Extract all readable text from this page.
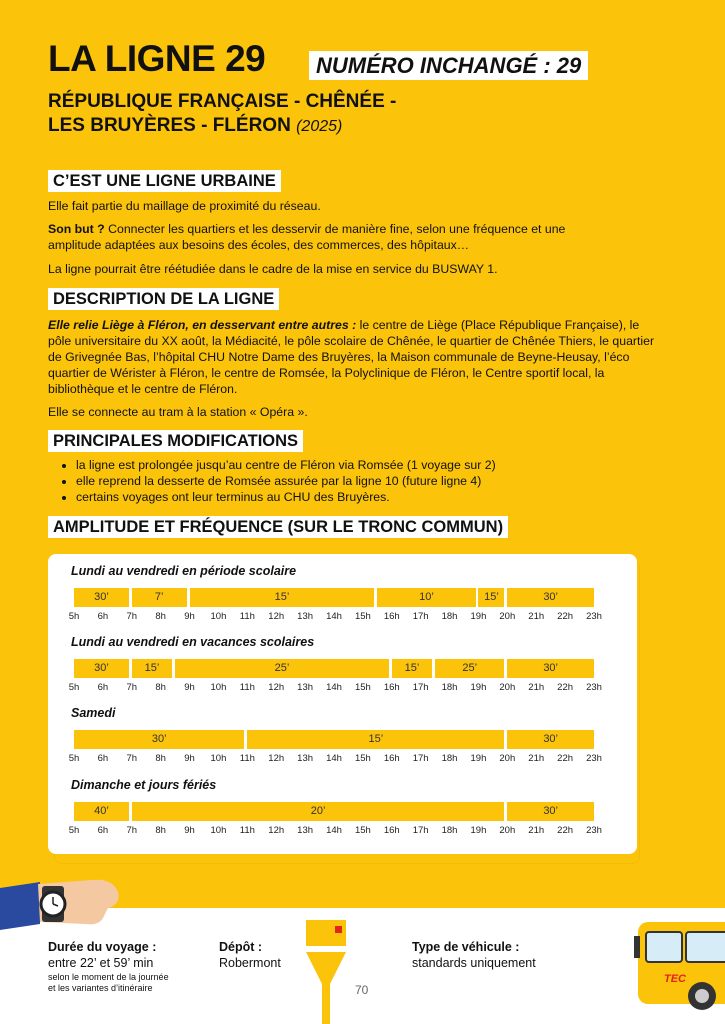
LA LIGNE 29	NUMÉRO INCHANGÉ : 29
RÉPUBLIQUE FRANÇAISE - CHÊNÉE -
LES BRUYÈRES - FLÉRON (2025)
C’EST UNE LIGNE URBAINE
Elle fait partie du maillage de proximité du réseau.
Son but ? Connecter les quartiers et les desservir de manière fine, selon une fréquence et une amplitude adaptées aux besoins des écoles, des commerces, des hôpitaux…
La ligne pourrait être réétudiée dans le cadre de la mise en service du BUSWAY 1.
DESCRIPTION DE LA LIGNE
Elle relie Liège à Fléron, en desservant entre autres : le centre de Liège (Place République Française), le pôle universitaire du XX août, la Médiacité, le pôle scolaire de Chênée, le quartier de Chênée Thiers, le quartier de Grivegnée Bas, l’hôpital CHU Notre Dame des Bruyères, la Maison communale de Beyne-Heusay, l’éco quartier de Wérister à Fléron, le centre de Romsée, la Polyclinique de Fléron, le Centre sportif local, la bibliothèque et le centre de Fléron.
Elle se connecte au tram à la station « Opéra ».
PRINCIPALES MODIFICATIONS
• la ligne est prolongée jusqu’au centre de Fléron via Romsée (1 voyage sur 2)
• elle reprend la desserte de Romsée assurée par la ligne 10 (future ligne 4)
• certains voyages ont leur terminus au CHU des Bruyères.
AMPLITUDE ET FRÉQUENCE (SUR LE TRONC COMMUN)
Lundi au vendredi en période scolaire
30’	7’	15’	10’	15’	30’
5h 6h 7h 8h 9h 10h 11h 12h 13h 14h 15h 16h 17h 18h 19h 20h 21h 22h 23h
Lundi au vendredi en vacances scolaires
30’	15’	25’	15’	25’	30’
5h 6h 7h 8h 9h 10h 11h 12h 13h 14h 15h 16h 17h 18h 19h 20h 21h 22h 23h
Samedi
30’	15’	30’
5h 6h 7h 8h 9h 10h 11h 12h 13h 14h 15h 16h 17h 18h 19h 20h 21h 22h 23h
Dimanche et jours fériés
40’	20’	30’
5h 6h 7h 8h 9h 10h 11h 12h 13h 14h 15h 16h 17h 18h 19h 20h 21h 22h 23h
Durée du voyage :
entre 22’ et 59’ min
selon le moment de la journée
et les variantes d’itinéraire
Dépôt :
Robermont
Type de véhicule :
standards uniquement
TEC
70
